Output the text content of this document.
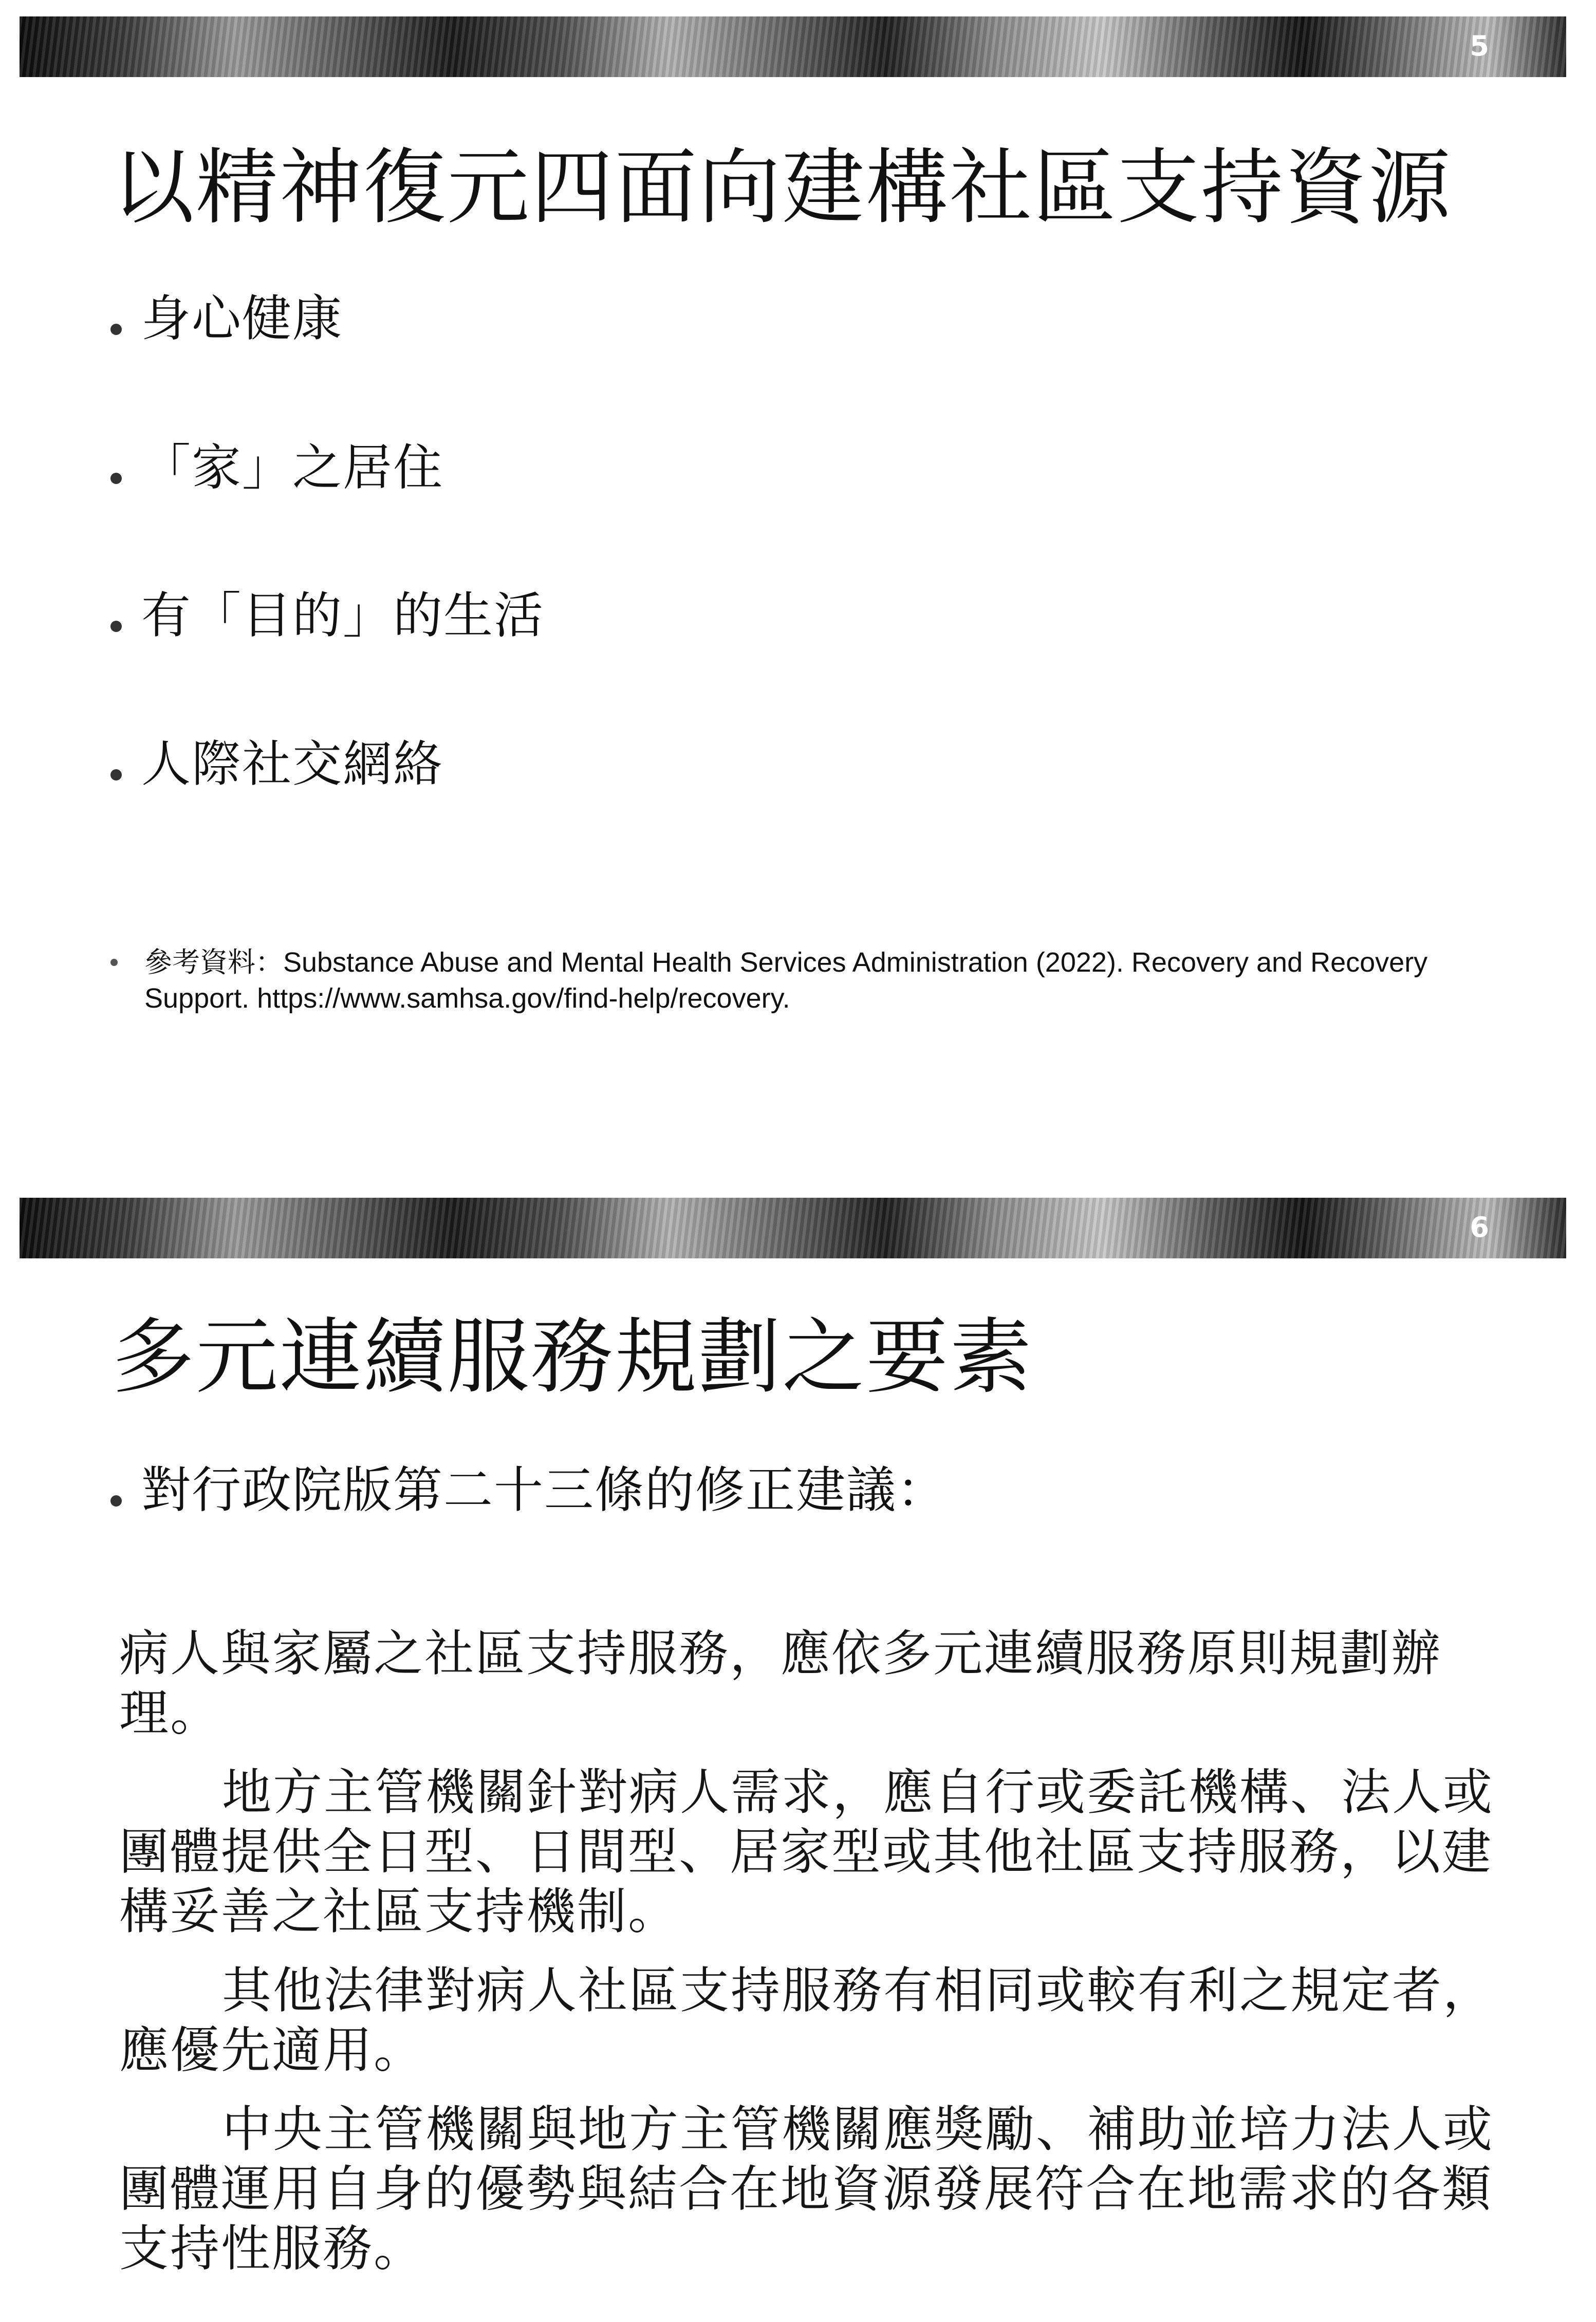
5
以精神復元四面向建構社區支持資源
身心健康
「家」之居住
有「目的」的生活
人際社交網絡
參考資料：Substance Abuse and Mental Health Services Administration (2022). Recovery and Recovery Support. https://www.samhsa.gov/find-help/recovery.
6
多元連續服務規劃之要素
對行政院版第二十三條的修正建議：

病人與家屬之社區支持服務，應依多元連續服務原則規劃辦理。

地方主管機關針對病人需求，應自行或委託機構、法人或團體提供全日型、日間型、居家型或其他社區支持服務，以建構妥善之社區支持機制。

其他法律對病人社區支持服務有相同或較有利之規定者，應優先適用。

中央主管機關與地方主管機關應獎勵、補助並培力法人或團體運用自身的優勢與結合在地資源發展符合在地需求的各類支持性服務。
